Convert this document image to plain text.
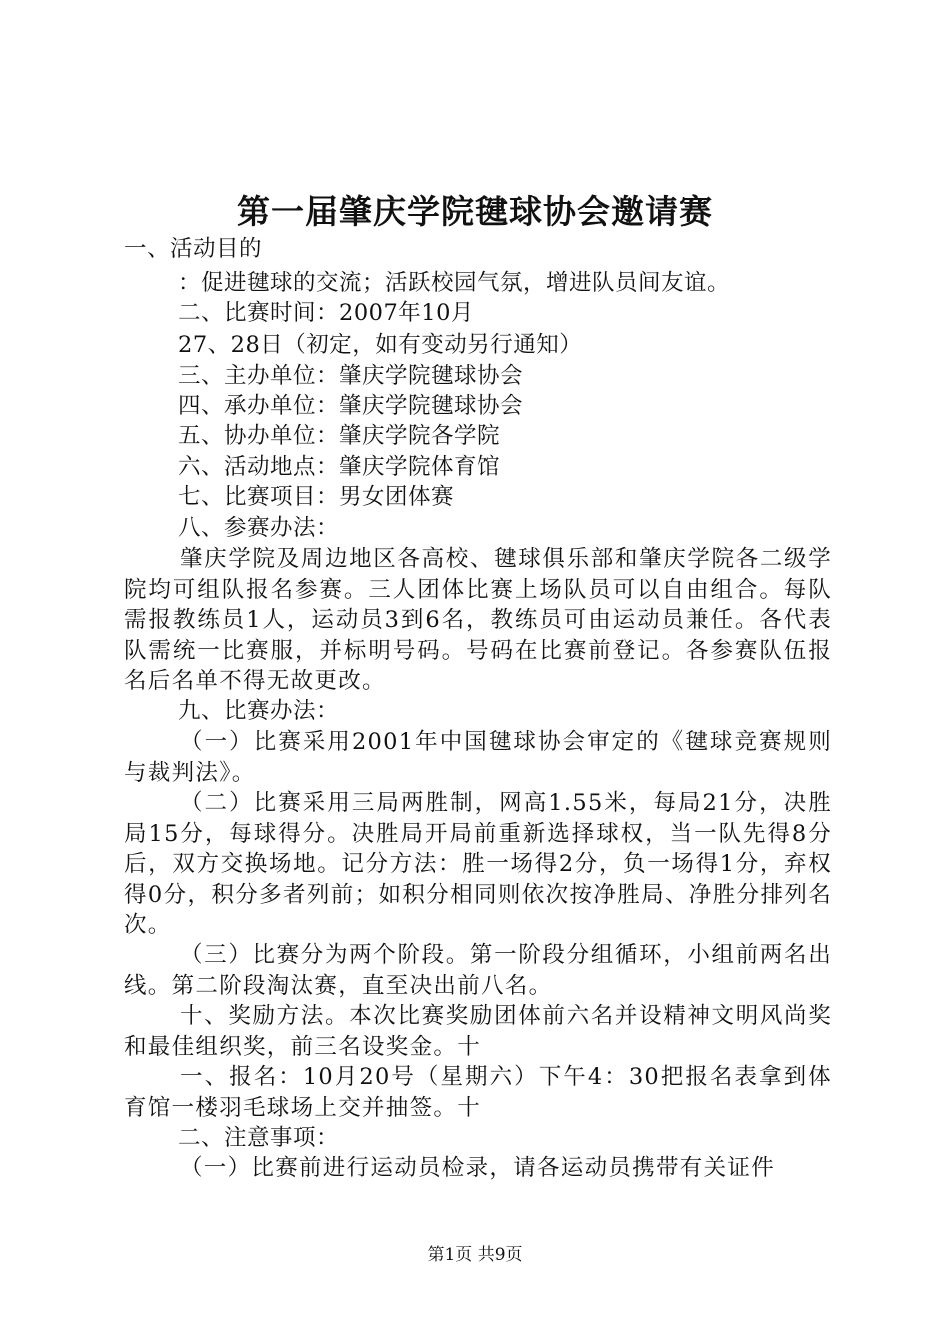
第一届肇庆学院毽球协会邀请赛
一、活动目的
：促进毽球的交流；活跃校园气氛，增进队员间友谊。
二、比赛时间：2007年10月
27、28日（初定，如有变动另行通知）
三、主办单位：肇庆学院毽球协会
四、承办单位：肇庆学院毽球协会
五、协办单位：肇庆学院各学院
六、活动地点：肇庆学院体育馆
七、比赛项目：男女团体赛
八、参赛办法：
肇庆学院及周边地区各高校、毽球俱乐部和肇庆学院各二级学院均可组队报名参赛。三人团体比赛上场队员可以自由组合。每队需报教练员1人，运动员3到6名，教练员可由运动员兼任。各代表队需统一比赛服，并标明号码。号码在比赛前登记。各参赛队伍报名后名单不得无故更改。
九、比赛办法：
（一）比赛采用2001年中国毽球协会审定的《毽球竞赛规则与裁判法》。
（二）比赛采用三局两胜制，网高1.55米，每局21分，决胜局15分，每球得分。决胜局开局前重新选择球权，当一队先得8分后，双方交换场地。记分方法：胜一场得2分，负一场得1分，弃权得0分，积分多者列前；如积分相同则依次按净胜局、净胜分排列名次。
（三）比赛分为两个阶段。第一阶段分组循环，小组前两名出线。第二阶段淘汰赛，直至决出前八名。
十、奖励方法。本次比赛奖励团体前六名并设精神文明风尚奖和最佳组织奖，前三名设奖金。十
一、报名：10月20号（星期六）下午4：30把报名表拿到体育馆一楼羽毛球场上交并抽签。十
二、注意事项：
（一）比赛前进行运动员检录，请各运动员携带有关证件
第1页 共9页
